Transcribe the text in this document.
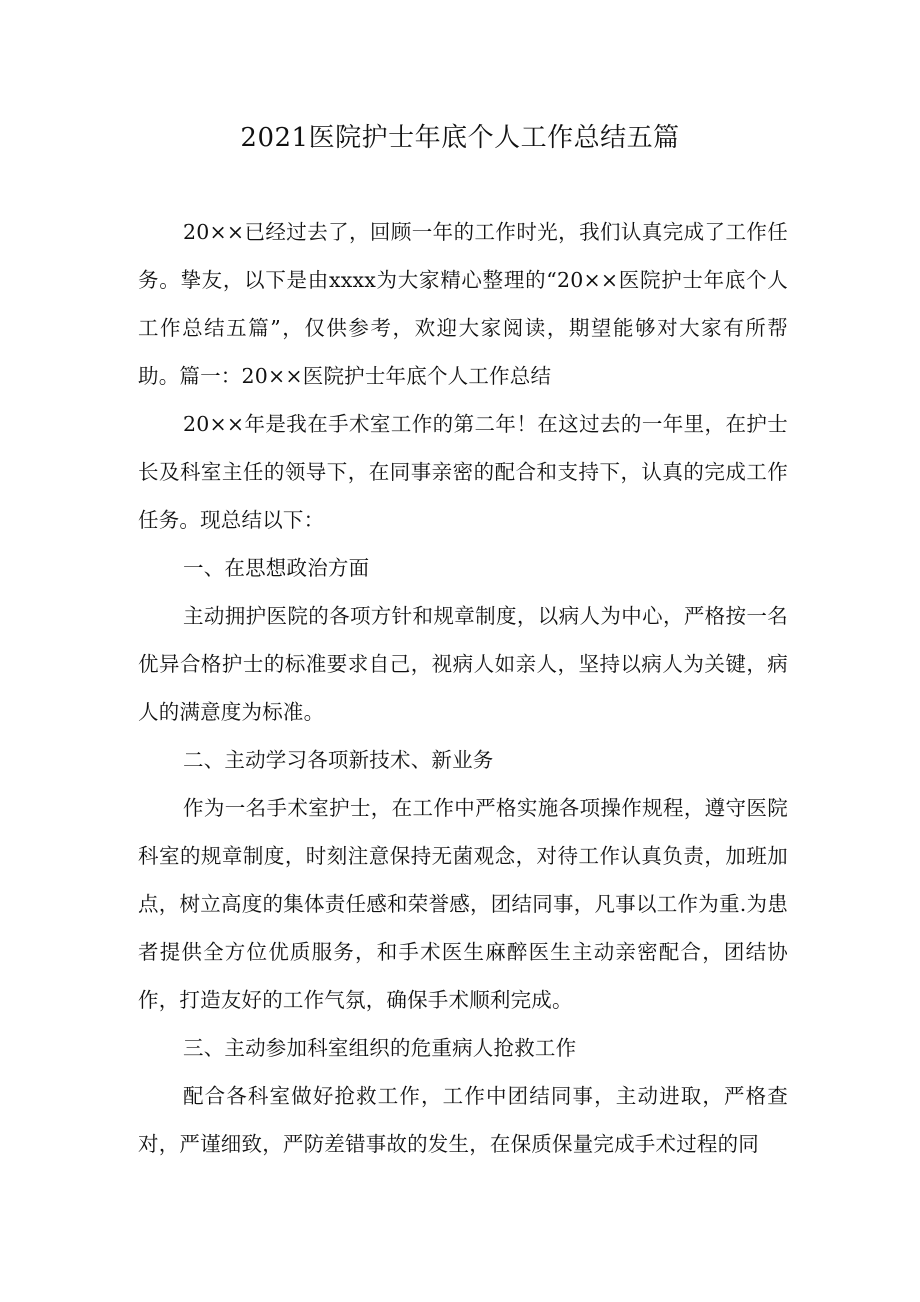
2021医院护士年底个人工作总结五篇

20××已经过去了，回顾一年的工作时光，我们认真完成了工作任务。挚友，以下是由xxxx为大家精心整理的“20××医院护士年底个人工作总结五篇”，仅供参考，欢迎大家阅读，期望能够对大家有所帮助。篇一：20××医院护士年底个人工作总结

20××年是我在手术室工作的第二年！在这过去的一年里，在护士长及科室主任的领导下，在同事亲密的配合和支持下，认真的完成工作任务。现总结以下：

一、在思想政治方面

主动拥护医院的各项方针和规章制度，以病人为中心，严格按一名优异合格护士的标准要求自己，视病人如亲人，坚持以病人为关键，病人的满意度为标准。

二、主动学习各项新技术、新业务

作为一名手术室护士，在工作中严格实施各项操作规程，遵守医院科室的规章制度，时刻注意保持无菌观念，对待工作认真负责，加班加点，树立高度的集体责任感和荣誉感，团结同事，凡事以工作为重.为患者提供全方位优质服务，和手术医生麻醉医生主动亲密配合，团结协作，打造友好的工作气氛，确保手术顺利完成。

三、主动参加科室组织的危重病人抢救工作

配合各科室做好抢救工作，工作中团结同事，主动进取，严格查对，严谨细致，严防差错事故的发生，在保质保量完成手术过程的同
